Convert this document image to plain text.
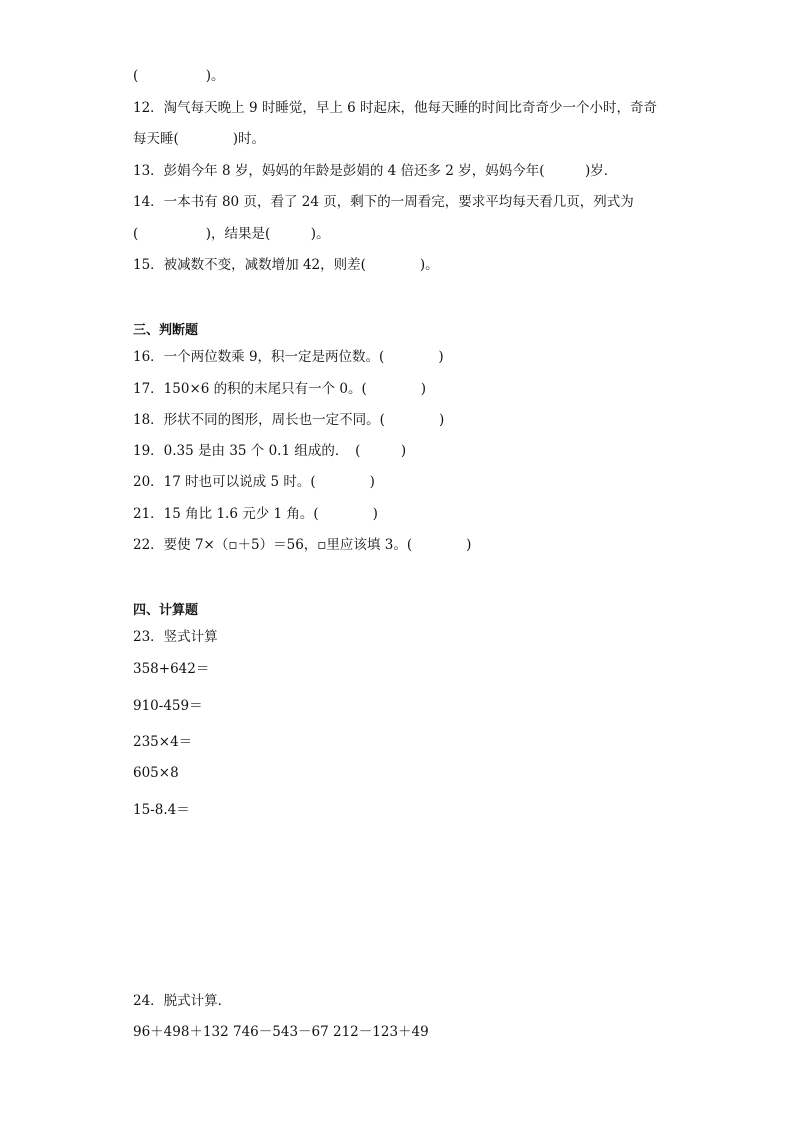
(　　　　　)。
12．淘气每天晚上 9 时睡觉，早上 6 时起床，他每天睡的时间比奇奇少一个小时，奇奇
每天睡(　　　　)时。
13．彭娟今年 8 岁，妈妈的年龄是彭娟的 4 倍还多 2 岁，妈妈今年(　　　)岁．
14．一本书有 80 页，看了 24 页，剩下的一周看完，要求平均每天看几页，列式为
(　　　　　)，结果是(　　　)。
15．被减数不变，减数增加 42，则差(　　　　)。
三、判断题
16．一个两位数乘 9，积一定是两位数。(　　　　)
17．150×6 的积的末尾只有一个 0。(　　　　)
18．形状不同的图形，周长也一定不同。(　　　　)
19．0.35 是由 35 个 0.1 组成的．　(　　　)
20．17 时也可以说成 5 时。(　　　　)
21．15 角比 1.6 元少 1 角。(　　　　)
22．要使 7×（▫＋5）＝56，▫里应该填 3。(　　　　)
四、计算题
23．竖式计算
358+642＝
910-459＝
235×4＝
605×8
15-8.4＝
24．脱式计算．
96＋498＋132 746－543－67 212－123＋49
